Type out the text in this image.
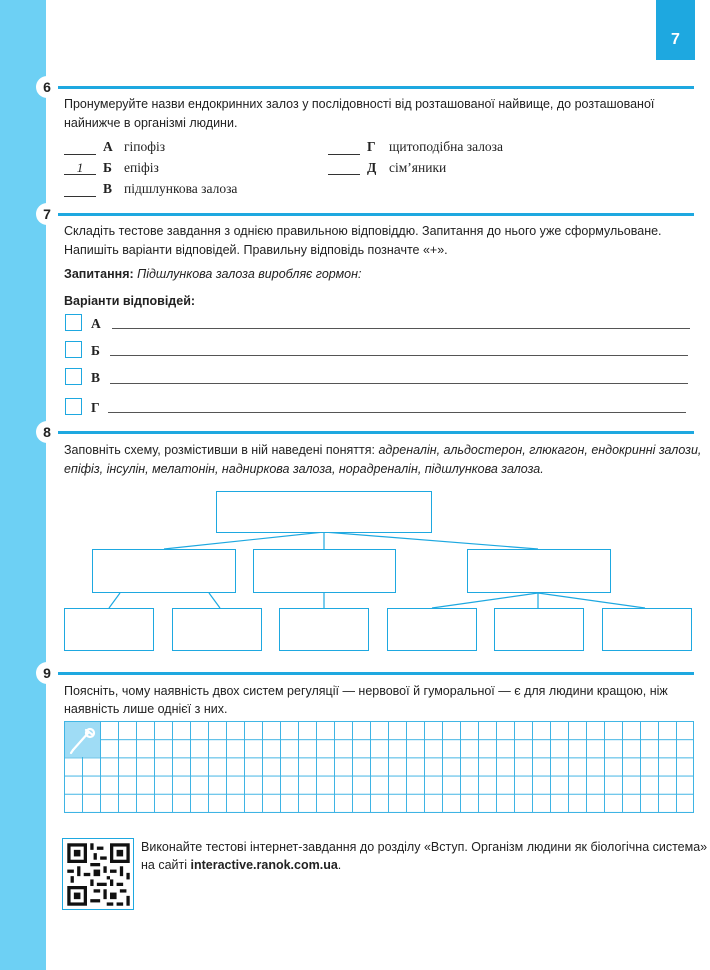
7
6
Пронумеруйте назви ендокринних залоз у послідовності від розташованої найвище, до розташованої
найнижче в організмі людини.
А гіпофіз
1	Б епіфіз
В підшлункова залоза
Г щитоподібна залоза
Д сім’яники
7
Складіть тестове завдання з однією правильною відповіддю. Запитання до нього уже сформульоване.
Напишіть варіанти відповідей. Правильну відповідь позначте «+».
Запитання: Підшлункова залоза виробляє гормон:
Варіанти відповідей:
А
Б
В
Г
8
Заповніть схему, розмістивши в ній наведені поняття: адреналін, альдостерон, глюкагон, ендокринні залози,
епіфіз, інсулін, мелатонін, надниркова залоза, норадреналін, підшлункова залоза.
9
Поясніть, чому наявність двох систем регуляції — нервової й гуморальної — є для людини кращою, ніж
наявність лише однієї з них.
Виконайте тестові інтернет-завдання до розділу «Вступ. Організм людини як біологічна система»
на сайті interactive.ranok.com.ua.
